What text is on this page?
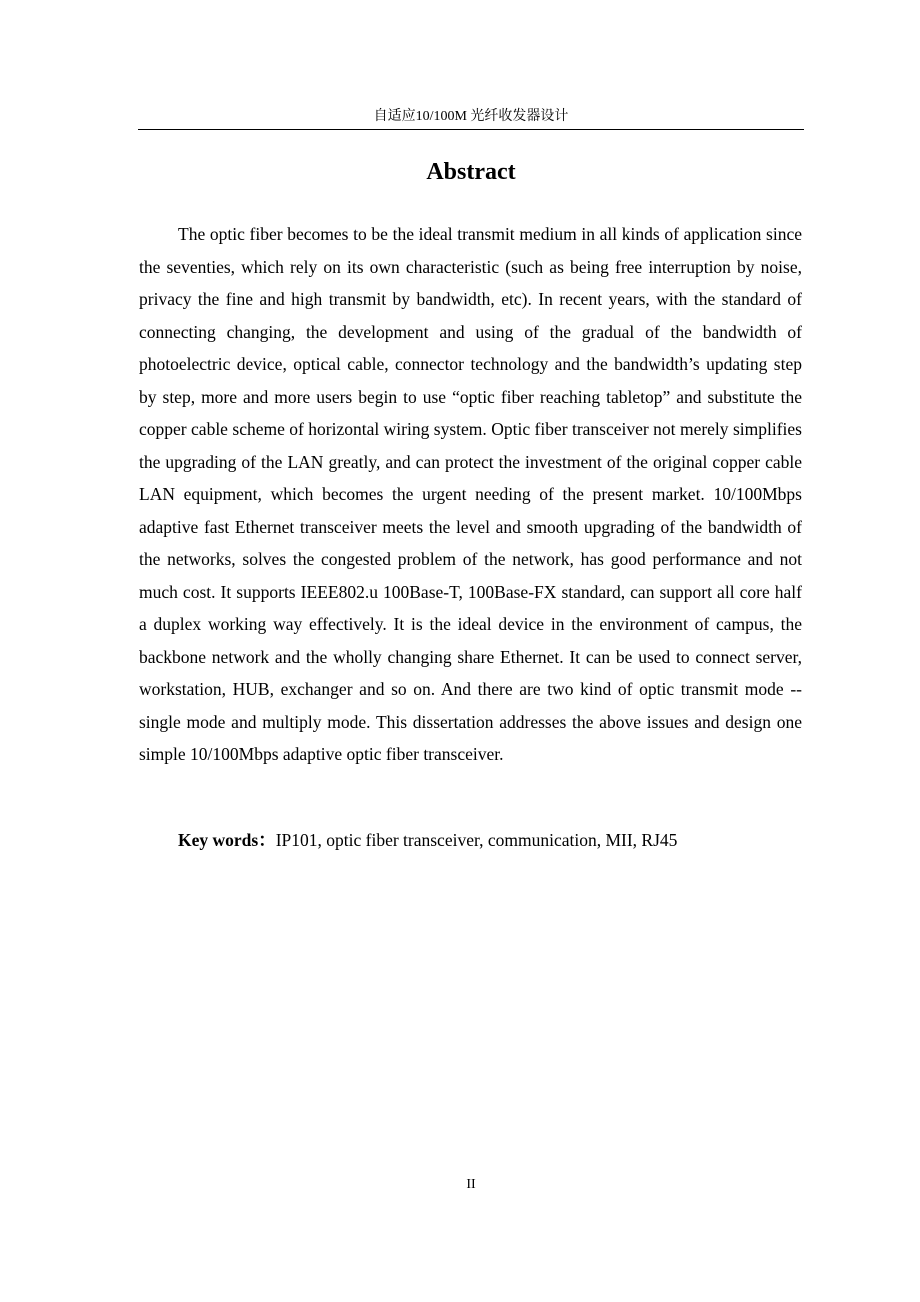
自适应10/100M 光纤收发器设计
Abstract

The optic fiber becomes to be the ideal transmit medium in all kinds of application since the seventies, which rely on its own characteristic (such as being free interruption by noise, privacy the fine and high transmit by bandwidth, etc). In recent years, with the standard of connecting changing, the development and using of the gradual of the bandwidth of photoelectric device, optical cable, connector technology and the bandwidth’s updating step by step, more and more users begin to use “optic fiber reaching tabletop” and substitute the copper cable scheme of horizontal wiring system. Optic fiber transceiver not merely simplifies the upgrading of the LAN greatly, and can protect the investment of the original copper cable LAN equipment, which becomes the urgent needing of the present market. 10/100Mbps adaptive fast Ethernet transceiver meets the level and smooth upgrading of the bandwidth of the networks, solves the congested problem of the network, has good performance and not much cost. It supports IEEE802.u 100Base-T, 100Base-FX standard, can support all core half a duplex working way effectively. It is the ideal device in the environment of campus, the backbone network and the wholly changing share Ethernet. It can be used to connect server, workstation, HUB, exchanger and so on. And there are two kind of optic transmit mode --single mode and multiply mode. This dissertation addresses the above issues and design one simple 10/100Mbps adaptive optic fiber transceiver.

Key words：IP101, optic fiber transceiver, communication, MII, RJ45

II
